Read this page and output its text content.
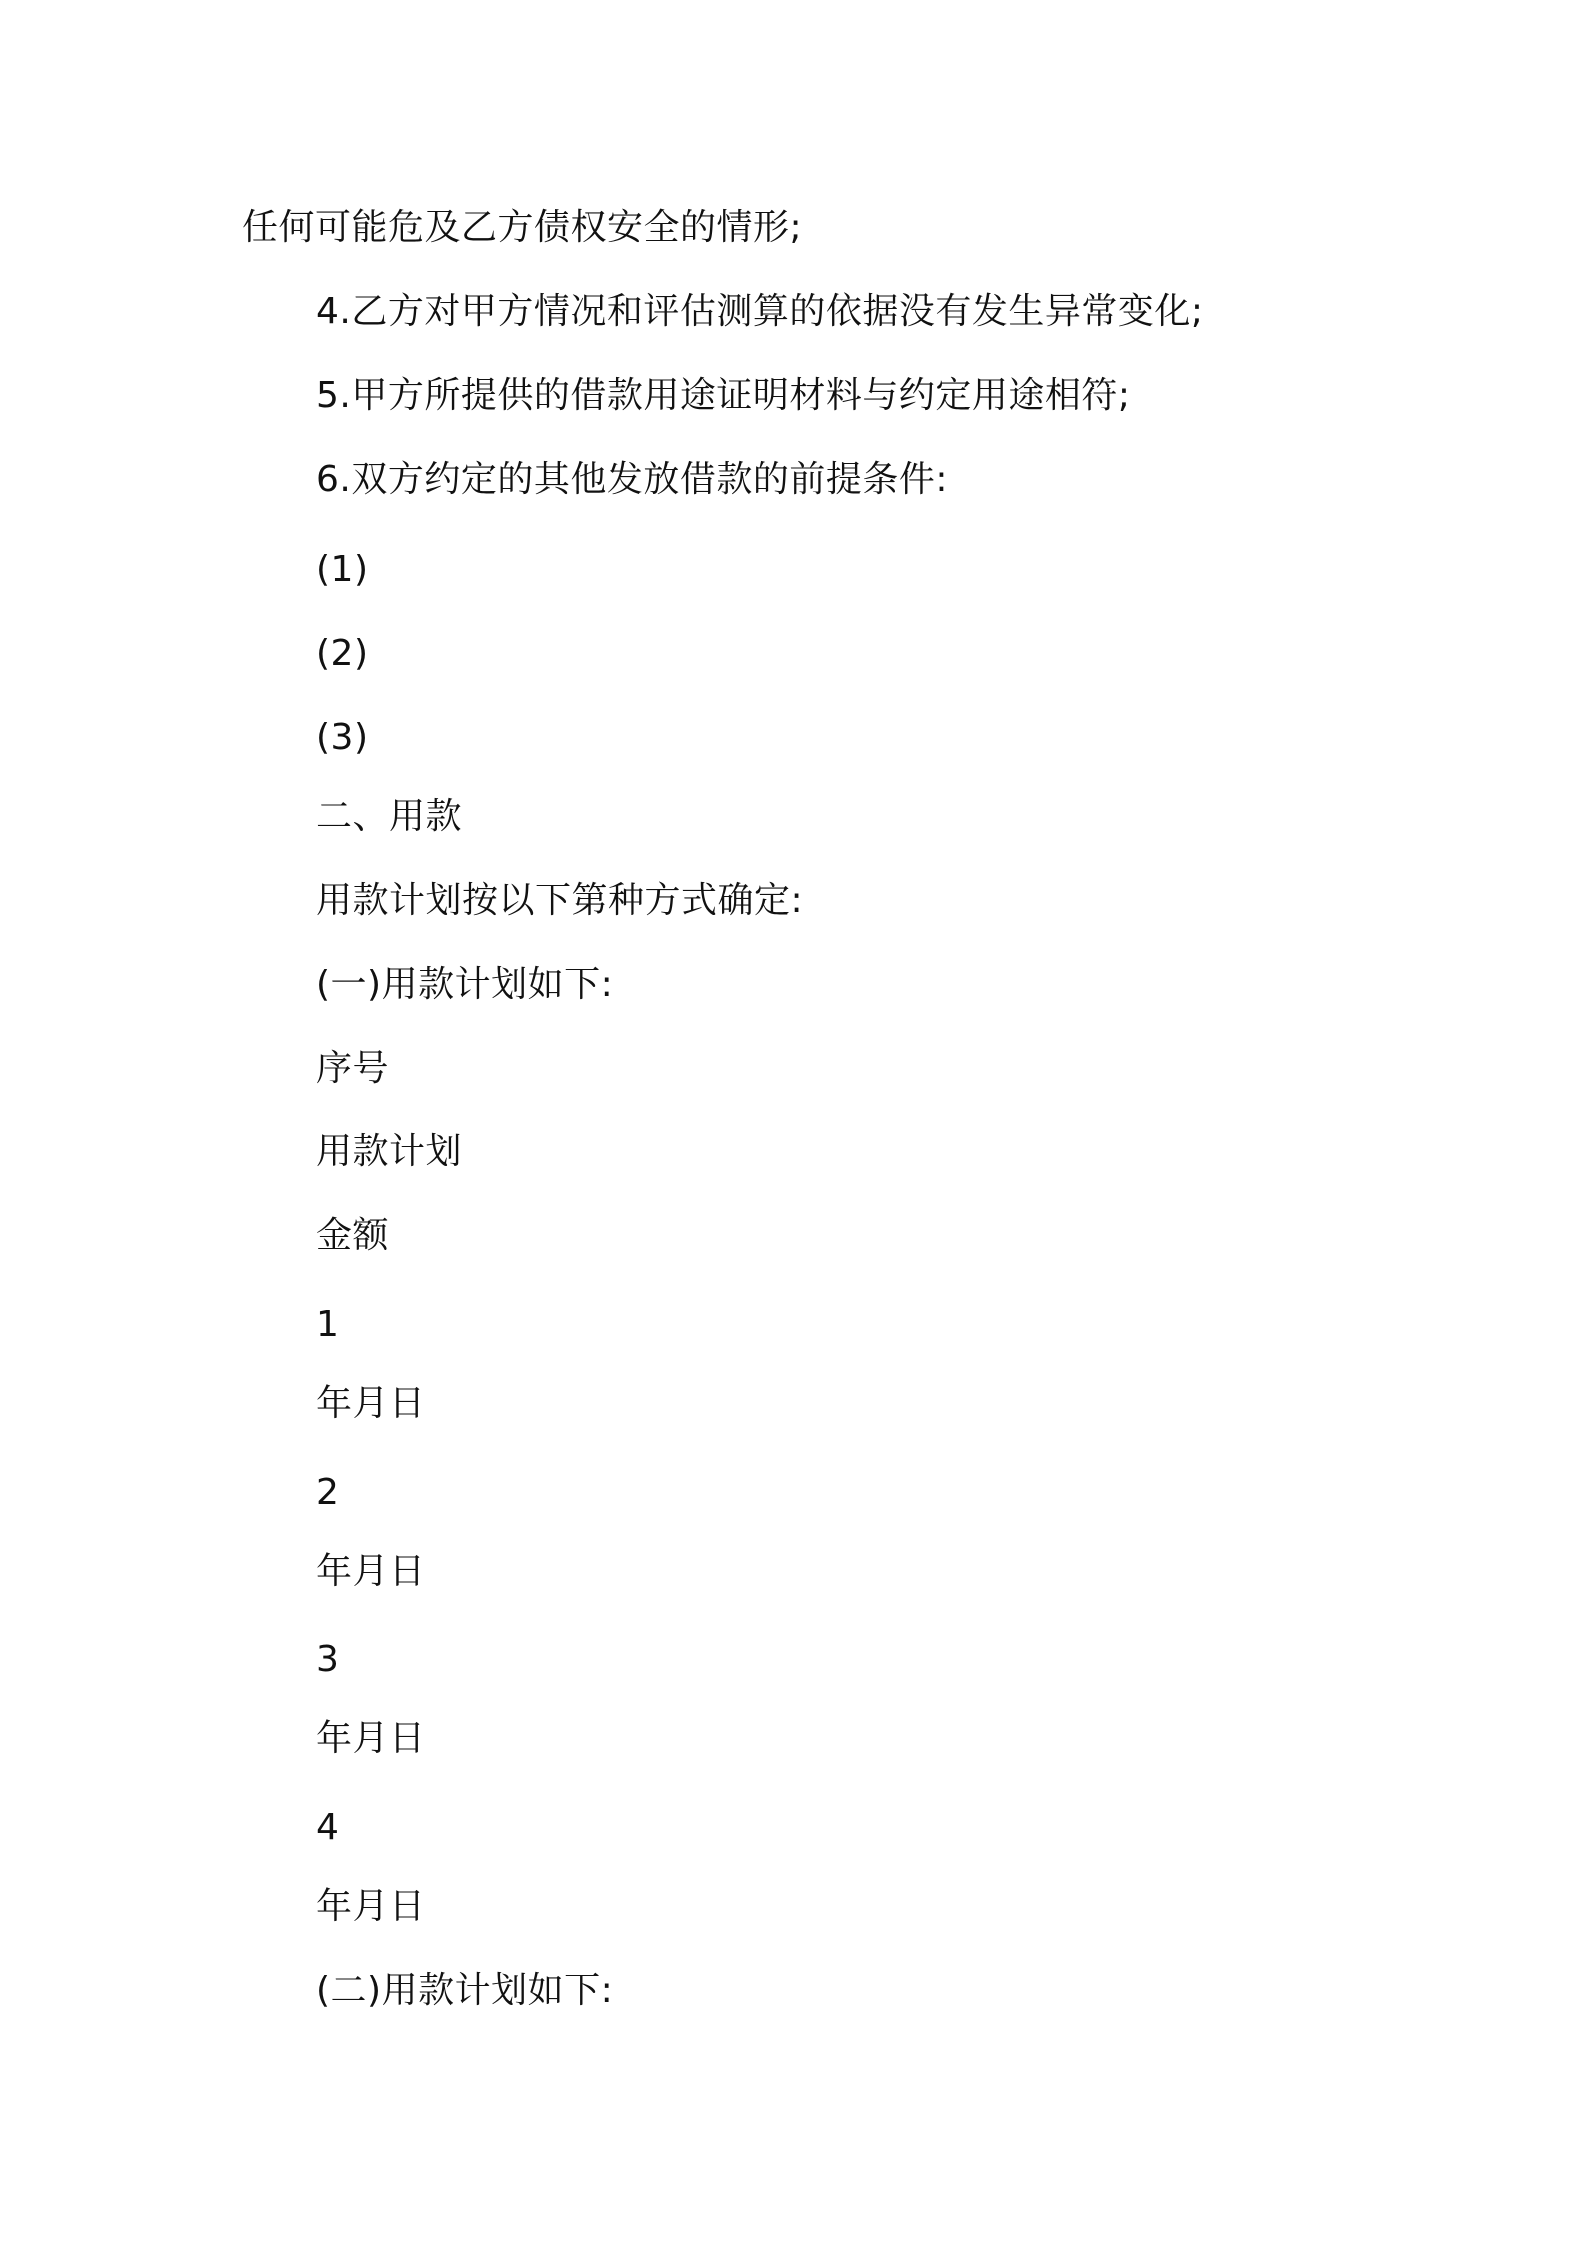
任何可能危及乙方债权安全的情形;
4.乙方对甲方情况和评估测算的依据没有发生异常变化;
5.甲方所提供的借款用途证明材料与约定用途相符;
6.双方约定的其他发放借款的前提条件:
(1)
(2)
(3)
二、用款
用款计划按以下第种方式确定:
(一)用款计划如下:
序号
用款计划
金额
1
年月日
2
年月日
3
年月日
4
年月日
(二)用款计划如下:
